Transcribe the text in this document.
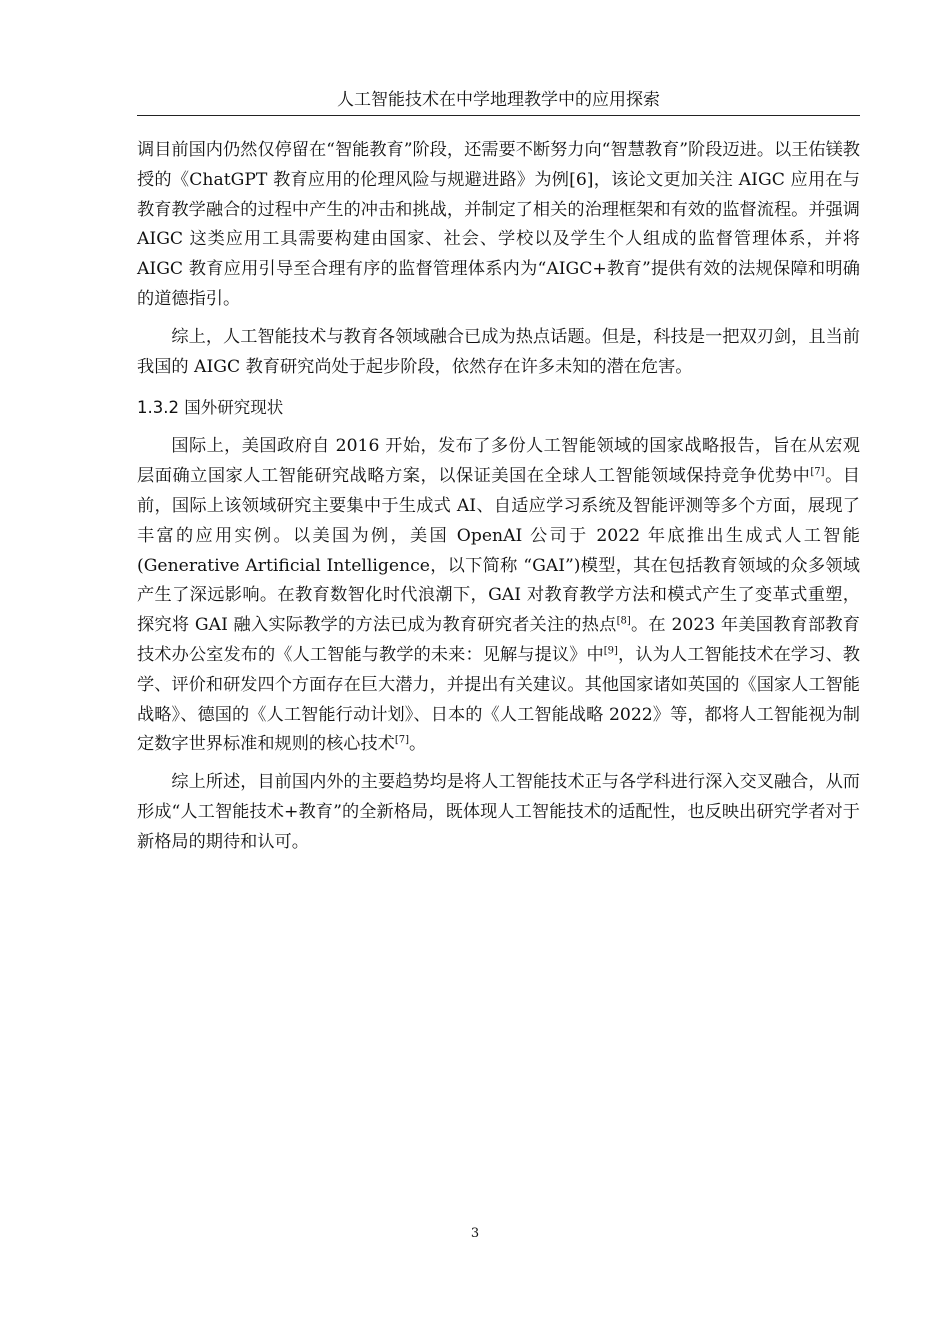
人工智能技术在中学地理教学中的应用探索

调目前国内仍然仅停留在“智能教育”阶段，还需要不断努力向“智慧教育”阶段迈进。以王佑镁教授的《ChatGPT 教育应用的伦理风险与规避进路》为例[6]，该论文更加关注 AIGC 应用在与教育教学融合的过程中产生的冲击和挑战，并制定了相关的治理框架和有效的监督流程。并强调 AIGC 这类应用工具需要构建由国家、社会、学校以及学生个人组成的监督管理体系，并将 AIGC 教育应用引导至合理有序的监督管理体系内为“AIGC+教育”提供有效的法规保障和明确的道德指引。

综上，人工智能技术与教育各领域融合已成为热点话题。但是，科技是一把双刃剑，且当前我国的 AIGC 教育研究尚处于起步阶段，依然存在许多未知的潜在危害。

1.3.2 国外研究现状

国际上，美国政府自 2016 开始，发布了多份人工智能领域的国家战略报告，旨在从宏观层面确立国家人工智能研究战略方案，以保证美国在全球人工智能领域保持竞争优势中[7]。目前，国际上该领域研究主要集中于生成式 AI、自适应学习系统及智能评测等多个方面，展现了丰富的应用实例。以美国为例，美国 OpenAI 公司于 2022 年底推出生成式人工智能 (Generative Artificial Intelligence，以下简称 “GAI”)模型，其在包括教育领域的众多领域产生了深远影响。在教育数智化时代浪潮下，GAI 对教育教学方法和模式产生了变革式重塑，探究将 GAI 融入实际教学的方法已成为教育研究者关注的热点[8]。在 2023 年美国教育部教育技术办公室发布的《人工智能与教学的未来：见解与提议》中[9]，认为人工智能技术在学习、教学、评价和研发四个方面存在巨大潜力，并提出有关建议。其他国家诸如英国的《国家人工智能战略》、德国的《人工智能行动计划》、日本的《人工智能战略 2022》等，都将人工智能视为制定数字世界标准和规则的核心技术[7]。

综上所述，目前国内外的主要趋势均是将人工智能技术正与各学科进行深入交叉融合，从而形成“人工智能技术+教育”的全新格局，既体现人工智能技术的适配性，也反映出研究学者对于新格局的期待和认可。

3
